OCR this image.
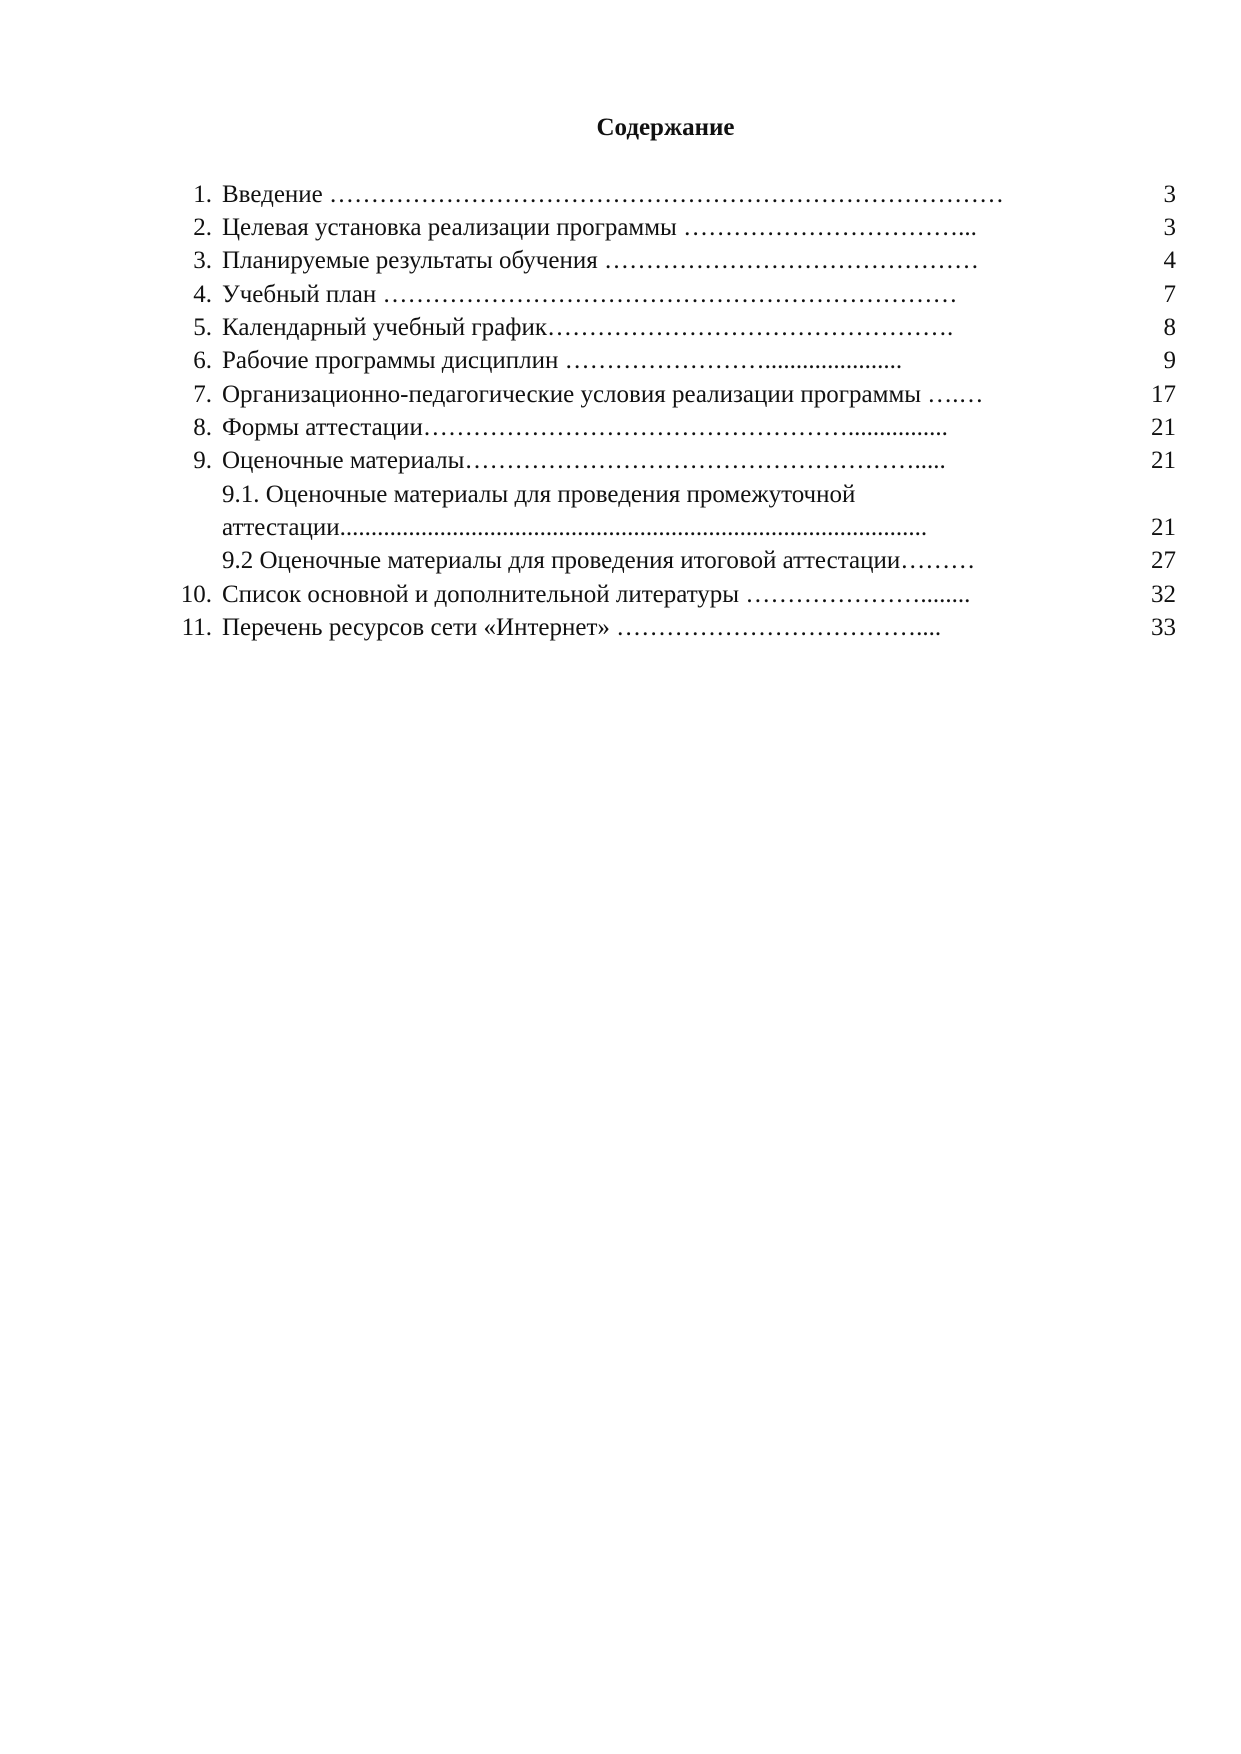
Содержание
1. Введение ………………………………………………………………………	3
2. Целевая установка реализации программы ……………………………...	3
3. Планируемые результаты обучения ………………………………………	4
4. Учебный план ……………………………………………………………	7
5. Календарный учебный график………………………………………….	8
6. Рабочие программы дисциплин ……………………......................	9
7. Организационно-педагогические условия реализации программы ….…	17
8. Формы аттестации……………………………………………................	21
9. Оценочные материалы……………………………………………….....	21
9.1. Оценочные материалы для проведения промежуточной
аттестации..............................................................................................	21
9.2 Оценочные материалы для проведения итоговой аттестации………	27
10. Список основной и дополнительной литературы …………………........	32
11. Перечень ресурсов сети «Интернет» ………………………………....	33
